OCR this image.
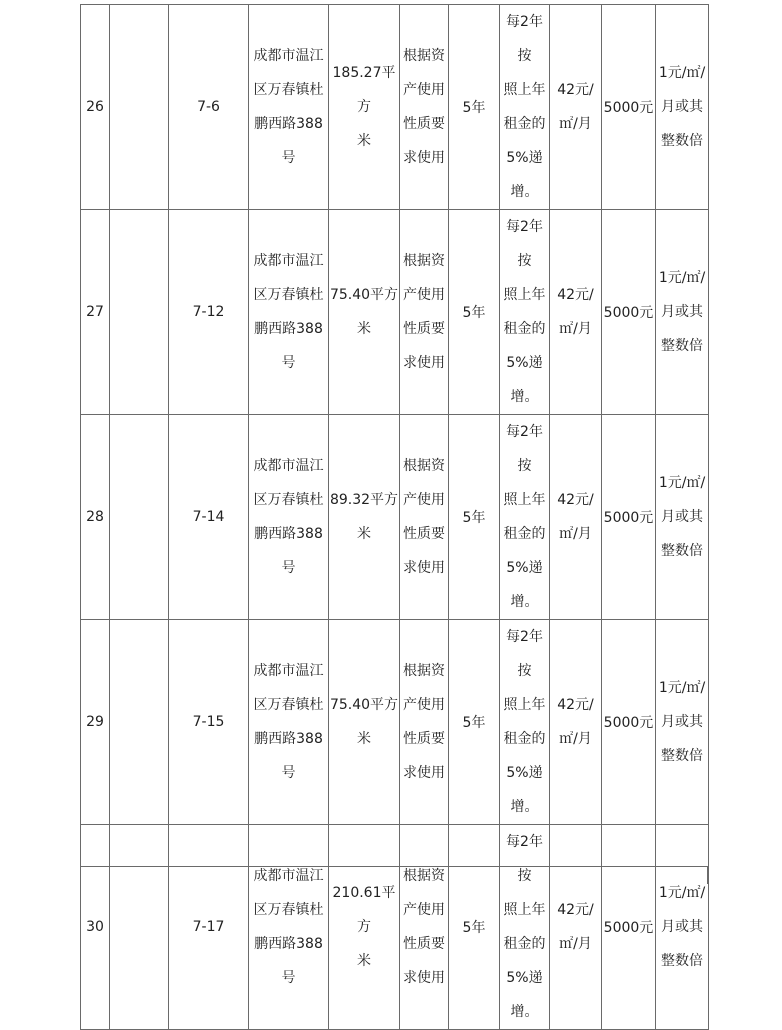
26		7-6	成都市温江
区万春镇杜
鹏西路388号	185.27平方
米	根据资
产使用
性质要
求使用	5年	每2年按
照上年
租金的
5%递
增。	42元/
㎡/月	5000元	1元/㎡/
月或其
整数倍

27		7-12	成都市温江
区万春镇杜
鹏西路388号	75.40平方
米	根据资
产使用
性质要
求使用	5年	每2年按
照上年
租金的
5%递
增。	42元/
㎡/月	5000元	1元/㎡/
月或其
整数倍

28		7-14	成都市温江
区万春镇杜
鹏西路388号	89.32平方
米	根据资
产使用
性质要
求使用	5年	每2年按
照上年
租金的
5%递
增。	42元/
㎡/月	5000元	1元/㎡/
月或其
整数倍

29		7-15	成都市温江
区万春镇杜
鹏西路388号	75.40平方
米	根据资
产使用
性质要
求使用	5年	每2年按
照上年
租金的
5%递
增。	42元/
㎡/月	5000元	1元/㎡/
月或其
整数倍

30		7-17	成都市温江
区万春镇杜
鹏西路388号	210.61平方
米	根据资
产使用
性质要
求使用	5年	每2年按
照上年
租金的
5%递
增。	42元/
㎡/月	5000元	1元/㎡/
月或其
整数倍
